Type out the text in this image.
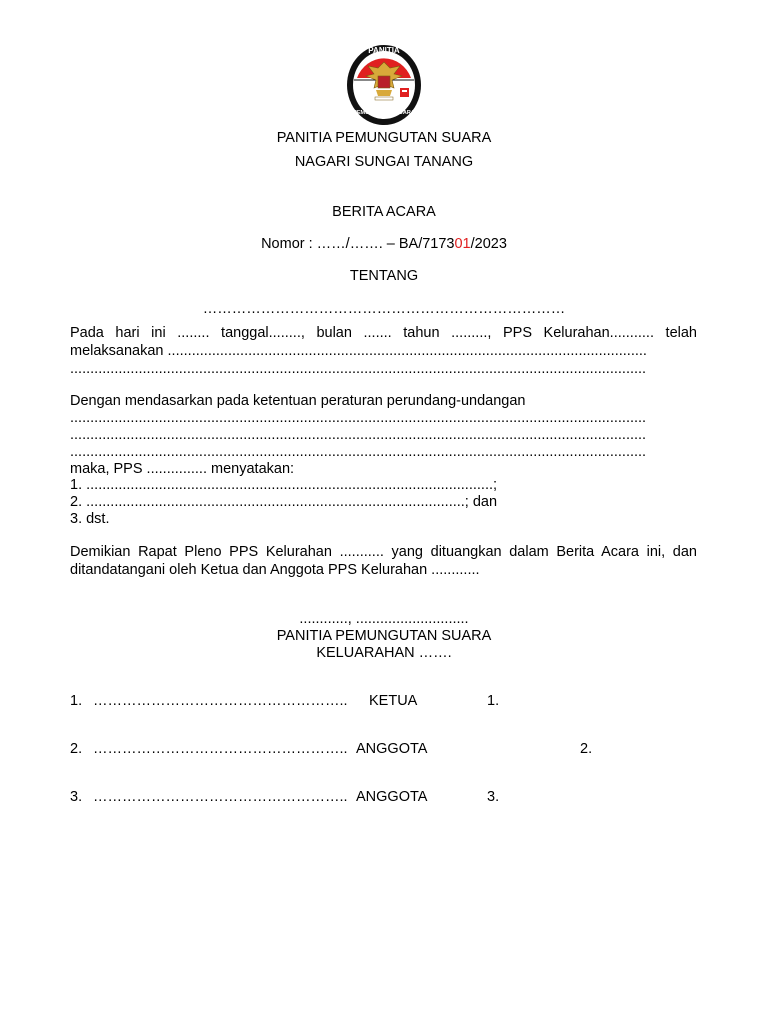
PANITIA
PEMU NGUTAN SUARA
PANITIA PEMUNGUTAN SUARA
NAGARI SUNGAI TANANG
BERITA ACARA
Nomor : ……/……. – BA/717301/2023
TENTANG
…………………………………………………………………
Pada hari ini ........ tanggal........, bulan ....... tahun ........., PPS Kelurahan........... telah
melaksanakan .......................................................................................................................
...............................................................................................................................................
Dengan mendasarkan pada ketentuan peraturan perundang-undangan
...............................................................................................................................................
...............................................................................................................................................
...............................................................................................................................................
maka, PPS ............... menyatakan:
1. .....................................................................................................;
2. ..............................................................................................; dan
3. dst.
Demikian Rapat Pleno PPS Kelurahan ........... yang dituangkan dalam Berita Acara ini, dan
ditandatangani oleh Ketua dan Anggota PPS Kelurahan ............
............, ............................
PANITIA PEMUNGUTAN SUARA
KELUARAHAN …….
1. …………………………………………….. KETUA	1.
2. …………………………………………….. ANGGOTA	2.
3. …………………………………………….. ANGGOTA	3.
